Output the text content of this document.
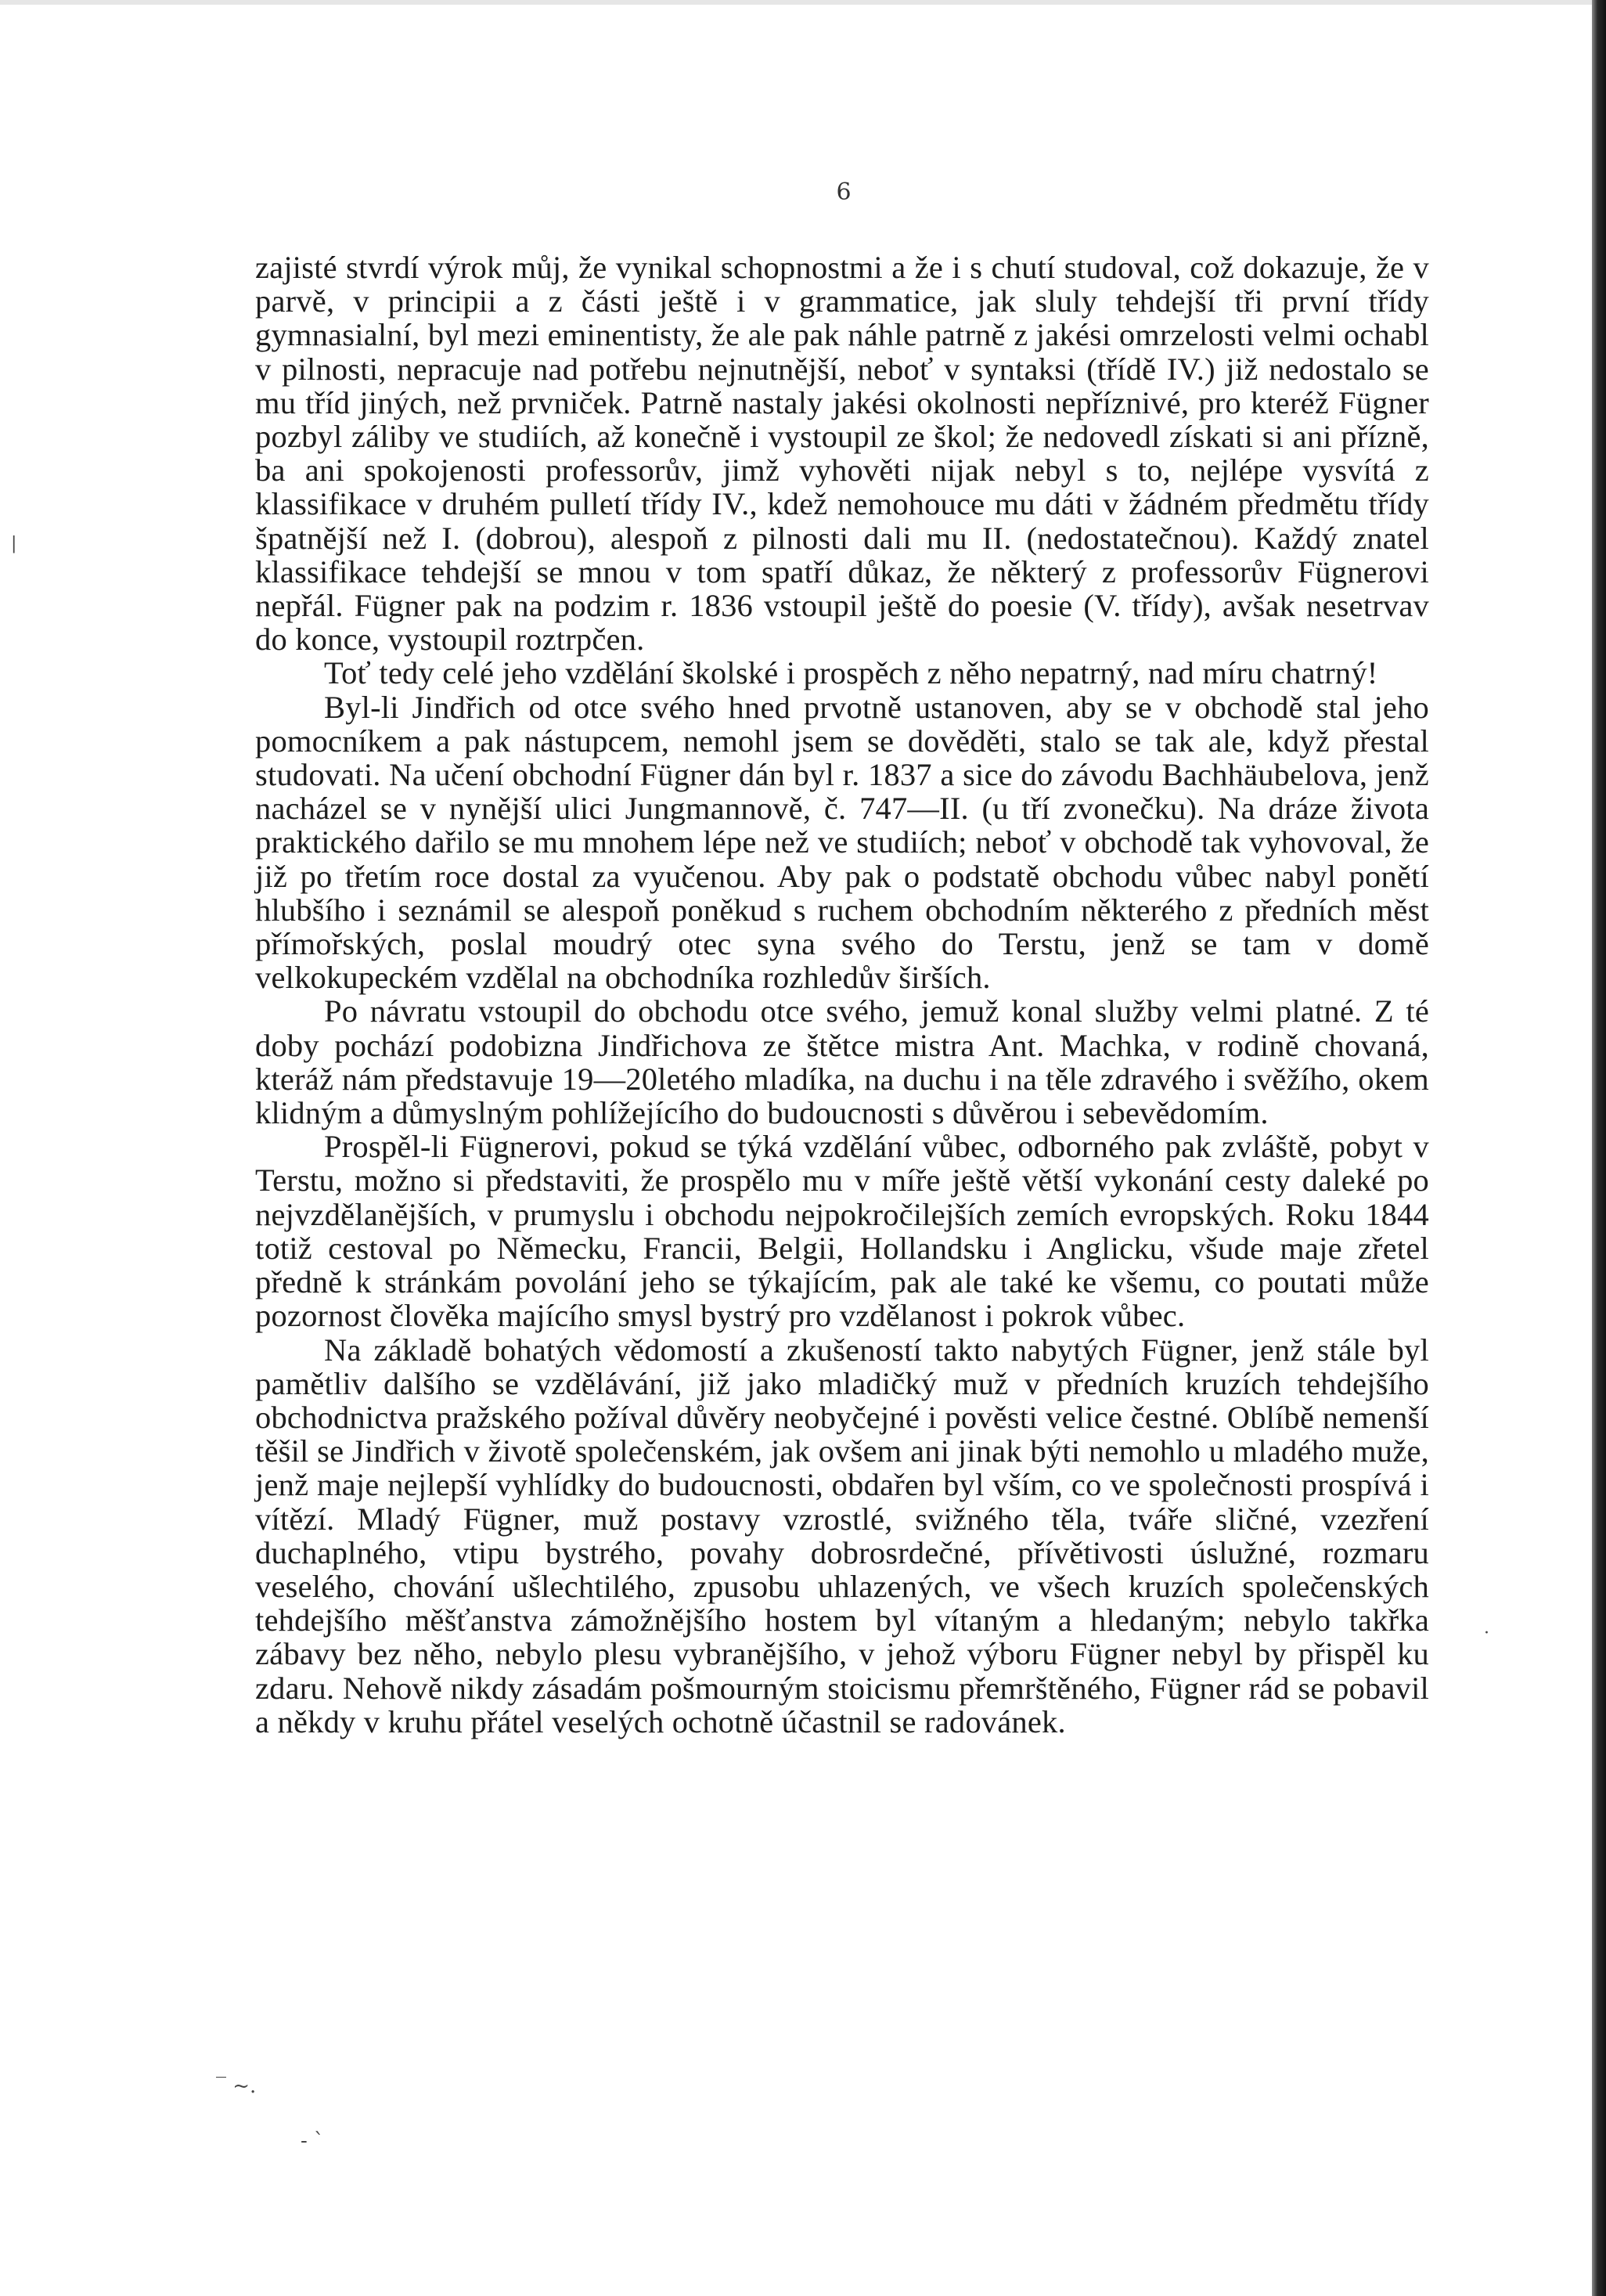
6

zajisté stvrdí výrok můj, že vynikal schopnostmi a že i s chutí studoval, což dokazuje, že v parvě, v principii a z části ještě i v grammatice, jak sluly tehdejší tři první třídy gymnasialní, byl mezi eminentisty, že ale pak náhle patrně z jakési omrzelosti velmi ochabl v pilnosti, nepracuje nad potřebu nejnutnější, neboť v syntaksi (třídě IV.) již nedostalo se mu tříd jiných, než prvniček. Patrně nastaly jakési okolnosti nepříznivé, pro kteréž Fügner pozbyl záliby ve studiích, až konečně i vystoupil ze škol; že nedovedl získati si ani přízně, ba ani spokojenosti professorův, jimž vyhověti nijak nebyl s to, nejlépe vysvítá z klassifikace v druhém pulletí třídy IV., kdež nemohouce mu dáti v žádném předmětu třídy špatnější než I. (dobrou), alespoň z pilnosti dali mu II. (nedostatečnou). Každý znatel klassifikace tehdejší se mnou v tom spatří důkaz, že některý z professorův Fügnerovi nepřál. Fügner pak na podzim r. 1836 vstoupil ještě do poesie (V. třídy), avšak nesetrvav do konce, vystoupil roztrpčen.

Toť tedy celé jeho vzdělání školské i prospěch z něho nepatrný, nad míru chatrný!

Byl-li Jindřich od otce svého hned prvotně ustanoven, aby se v obchodě stal jeho pomocníkem a pak nástupcem, nemohl jsem se dověděti, stalo se tak ale, když přestal studovati. Na učení obchodní Fügner dán byl r. 1837 a sice do závodu Bachhäubelova, jenž nacházel se v nynější ulici Jungmannově, č. 747—II. (u tří zvonečku). Na dráze života praktického dařilo se mu mnohem lépe než ve studiích; neboť v obchodě tak vyhovoval, že již po třetím roce dostal za vyučenou. Aby pak o podstatě obchodu vůbec nabyl ponětí hlubšího i seznámil se alespoň poněkud s ruchem obchodním některého z předních měst přímořských, poslal moudrý otec syna svého do Terstu, jenž se tam v domě velkokupeckém vzdělal na obchodníka rozhledův širších.

Po návratu vstoupil do obchodu otce svého, jemuž konal služby velmi platné. Z té doby pochází podobizna Jindřichova ze štětce mistra Ant. Machka, v rodině chovaná, kteráž nám představuje 19—20letého mladíka, na duchu i na těle zdravého i svěžího, okem klidným a důmyslným pohlížejícího do budoucnosti s důvěrou i sebevědomím.

Prospěl-li Fügnerovi, pokud se týká vzdělání vůbec, odborného pak zvláště, pobyt v Terstu, možno si představiti, že prospělo mu v míře ještě větší vykonání cesty daleké po nejvzdělanějších, v prumyslu i obchodu nejpokročilejších zemích evropských. Roku 1844 totiž cestoval po Německu, Francii, Belgii, Hollandsku i Anglicku, všude maje zřetel předně k stránkám povolání jeho se týkajícím, pak ale také ke všemu, co poutati může pozornost člověka majícího smysl bystrý pro vzdělanost i pokrok vůbec.

Na základě bohatých vědomostí a zkušeností takto nabytých Fügner, jenž stále byl pamětliv dalšího se vzdělávání, již jako mladičký muž v předních kruzích tehdejšího obchodnictva pražského požíval důvěry neobyčejné i pověsti velice čestné. Oblíbě nemenší těšil se Jindřich v životě společenském, jak ovšem ani jinak býti nemohlo u mladého muže, jenž maje nejlepší vyhlídky do budoucnosti, obdařen byl vším, co ve společnosti prospívá i vítězí. Mladý Fügner, muž postavy vzrostlé, svižného těla, tváře sličné, vzezření duchaplného, vtipu bystrého, povahy dobrosrdečné, přívětivosti úslužné, rozmaru veselého, chování ušlechtilého, zpusobu uhlazených, ve všech kruzích společenských tehdejšího měšťanstva zámožnějšího hostem byl vítaným a hledaným; nebylo takřka zábavy bez něho, nebylo plesu vybranějšího, v jehož výboru Fügner nebyl by přispěl ku zdaru. Nehově nikdy zásadám pošmourným stoicismu přemrštěného, Fügner rád se pobavil a někdy v kruhu přátel veselých ochotně účastnil se radovánek.

‾ ~.
- `
·
|
